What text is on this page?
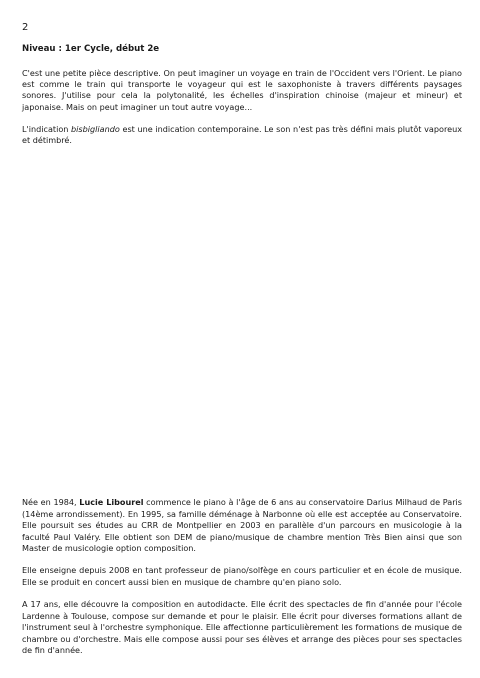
2
Niveau : 1er Cycle, début 2e

C'est une petite pièce descriptive. On peut imaginer un voyage en train de l'Occident vers l'Orient. Le piano est comme le train qui transporte le voyageur qui est le saxophoniste à travers différents paysages sonores. J'utilise pour cela la polytonalité, les échelles d'inspiration chinoise (majeur et mineur) et japonaise. Mais on peut imaginer un tout autre voyage...

L'indication bisbigliando est une indication contemporaine. Le son n'est pas très défini mais plutôt vaporeux et détimbré.

Née en 1984, Lucie Libourel commence le piano à l'âge de 6 ans au conservatoire Darius Milhaud de Paris (14ème arrondissement). En 1995, sa famille déménage à Narbonne où elle est acceptée au Conservatoire. Elle poursuit ses études au CRR de Montpellier en 2003 en parallèle d'un parcours en musicologie à la faculté Paul Valéry. Elle obtient son DEM de piano/musique de chambre mention Très Bien ainsi que son Master de musicologie option composition.

Elle enseigne depuis 2008 en tant professeur de piano/solfège en cours particulier et en école de musique. Elle se produit en concert aussi bien en musique de chambre qu'en piano solo.

A 17 ans, elle découvre la composition en autodidacte. Elle écrit des spectacles de fin d'année pour l'école Lardenne à Toulouse, compose sur demande et pour le plaisir. Elle écrit pour diverses formations allant de l'instrument seul à l'orchestre symphonique. Elle affectionne particulièrement les formations de musique de chambre ou d'orchestre. Mais elle compose aussi pour ses élèves et arrange des pièces pour ses spectacles de fin d'année.
